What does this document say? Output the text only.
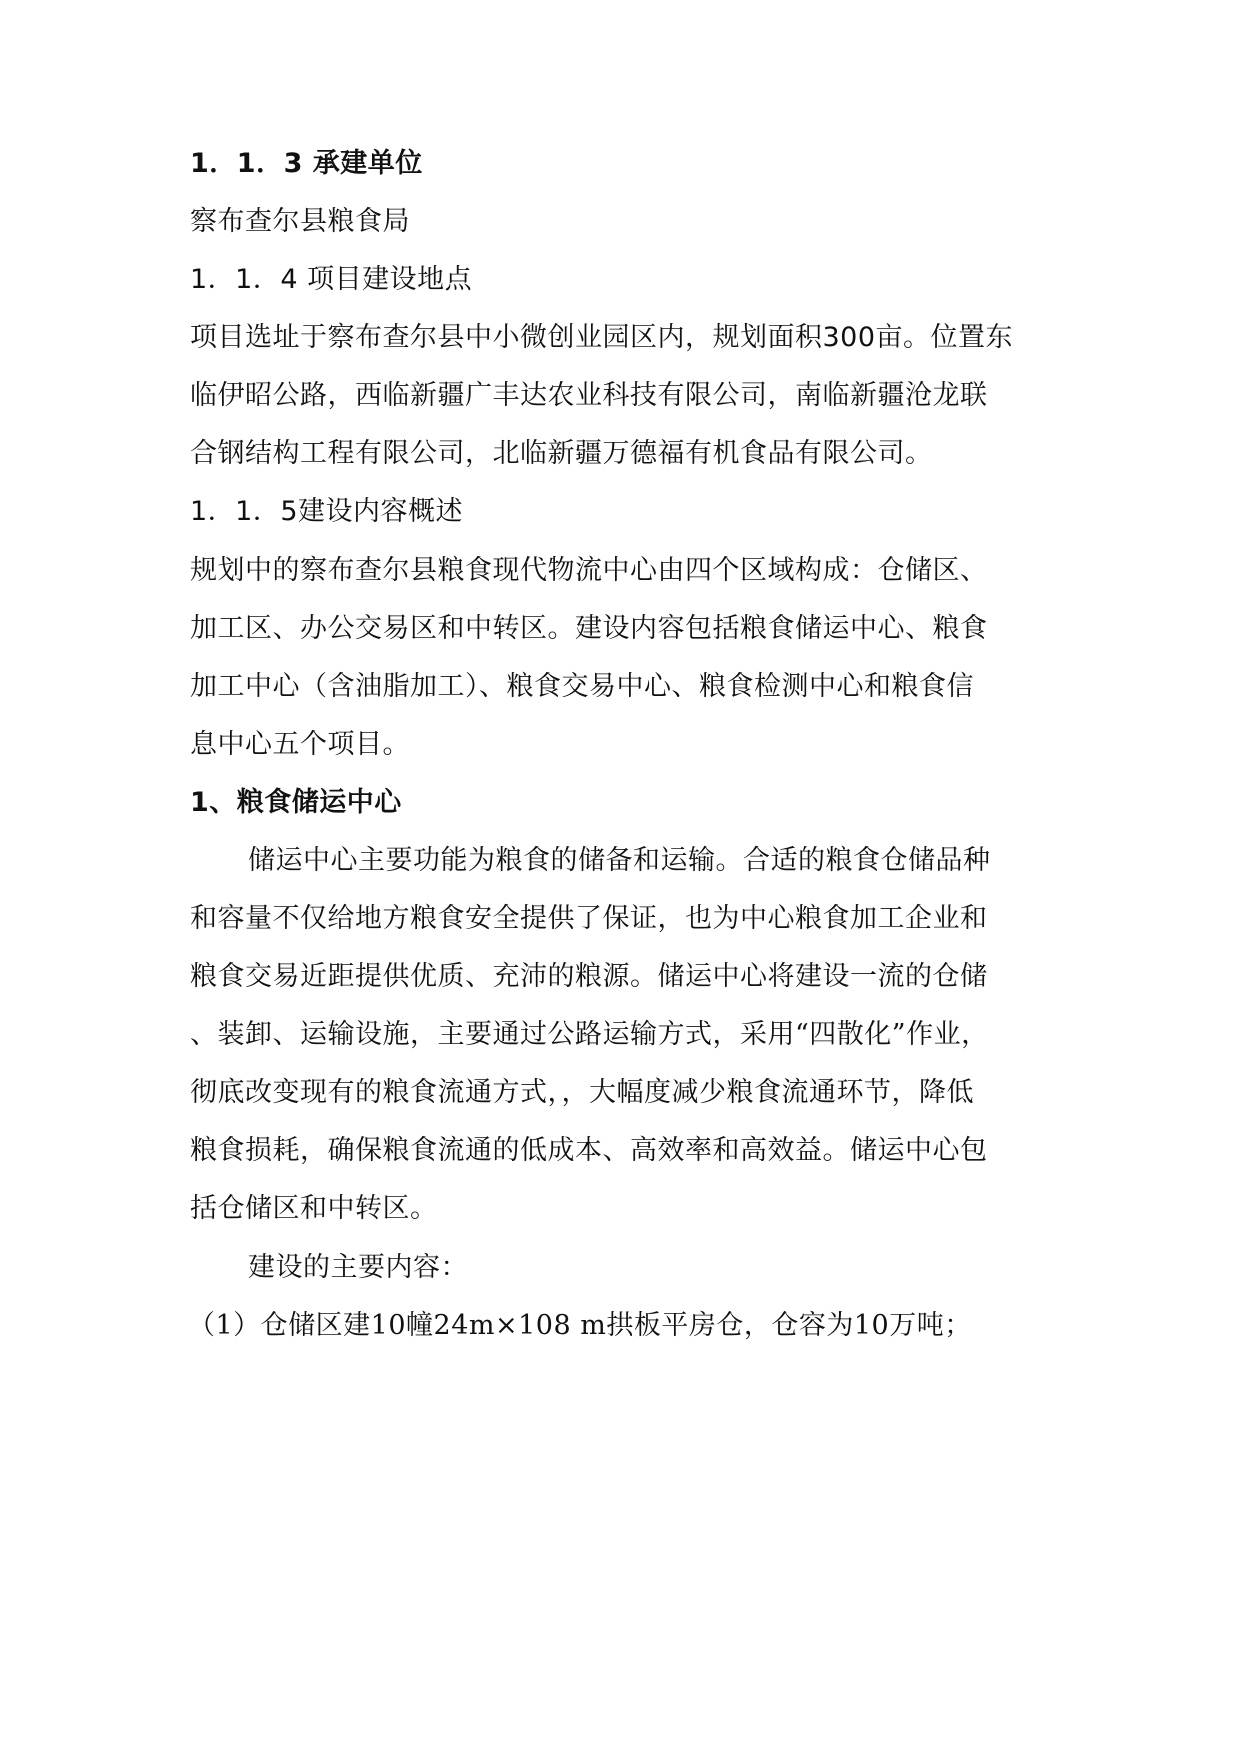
1．1．3 承建单位
察布查尔县粮食局
1．1．4 项目建设地点
项目选址于察布查尔县中小微创业园区内，规划面积300亩。位置东
临伊昭公路，西临新疆广丰达农业科技有限公司，南临新疆沧龙联
合钢结构工程有限公司，北临新疆万德福有机食品有限公司。
1．1．5建设内容概述
规划中的察布查尔县粮食现代物流中心由四个区域构成：仓储区、
加工区、办公交易区和中转区。建设内容包括粮食储运中心、粮食
加工中心（含油脂加工）、粮食交易中心、粮食检测中心和粮食信
息中心五个项目。
1、粮食储运中心
储运中心主要功能为粮食的储备和运输。合适的粮食仓储品种
和容量不仅给地方粮食安全提供了保证，也为中心粮食加工企业和
粮食交易近距提供优质、充沛的粮源。储运中心将建设一流的仓储
、装卸、运输设施，主要通过公路运输方式，采用“四散化”作业，
彻底改变现有的粮食流通方式，，大幅度减少粮食流通环节，降低
粮食损耗，确保粮食流通的低成本、高效率和高效益。储运中心包
括仓储区和中转区。
建设的主要内容：
（1）仓储区建10幢24m×108 m拱板平房仓，仓容为10万吨；
